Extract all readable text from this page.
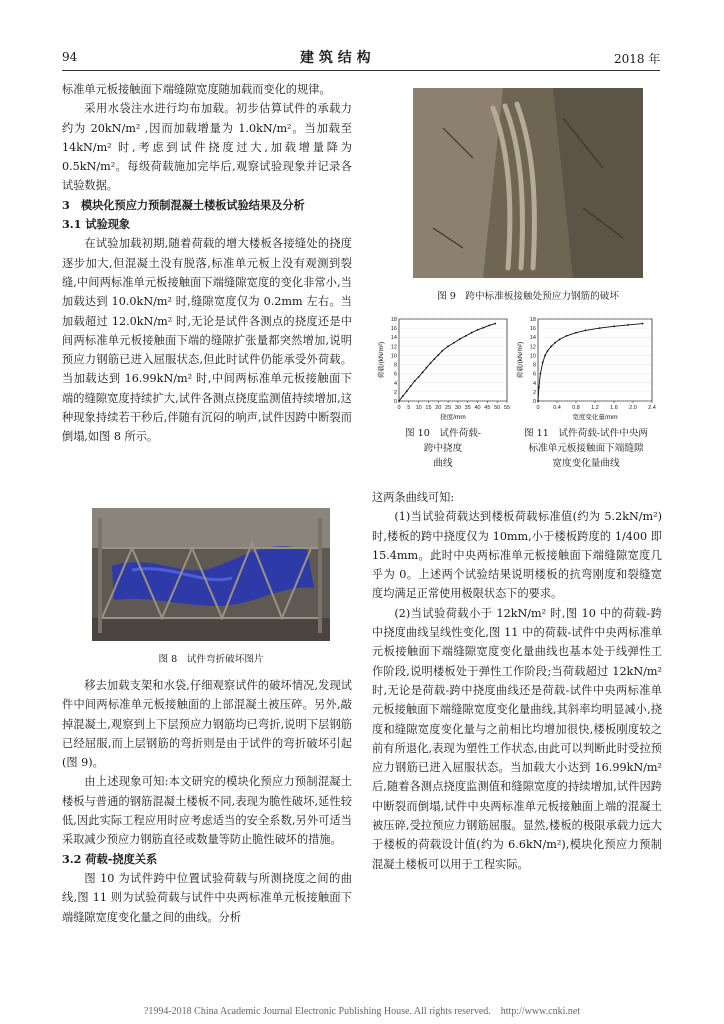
94	建 筑 结 构	2018 年

标准单元板接触面下端缝隙宽度随加载而变化的规律。

采用水袋注水进行均布加载。初步估算试件的承载力约为 20kN/m² ,因而加载增量为 1.0kN/m²。当加载至 14kN/m² 时,考虑到试件挠度过大,加载增量降为 0.5kN/m²。每级荷载施加完毕后,观察试验现象并记录各试验数据。

3　模块化预应力预制混凝土楼板试验结果及分析

3.1 试验现象

在试验加载初期,随着荷载的增大楼板各接缝处的挠度逐步加大,但混凝土没有脱落,标准单元板上没有观测到裂缝,中间两标准单元板接触面下端缝隙宽度的变化非常小,当加载达到 10.0kN/m² 时,缝隙宽度仅为 0.2mm 左右。当加载超过 12.0kN/m² 时,无论是试件各测点的挠度还是中间两标准单元板接触面下端的缝隙扩张量都突然增加,说明预应力钢筋已进入屈服状态,但此时试件仍能承受外荷载。当加载达到 16.99kN/m² 时,中间两标准单元板接触面下端的缝隙宽度持续扩大,试件各测点挠度监测值持续增加,这种现象持续若干秒后,伴随有沉闷的响声,试件因跨中断裂而倒塌,如图 8 所示。

图 8　试件弯折破坏图片

移去加载支架和水袋,仔细观察试件的破坏情况,发现试件中间两标准单元板接触面的上部混凝土被压碎。另外,敲掉混凝土,观察到上下层预应力钢筋均已弯折,说明下层钢筋已经屈服,而上层钢筋的弯折则是由于试件的弯折破坏引起(图 9)。

由上述现象可知:本文研究的模块化预应力预制混凝土楼板与普通的钢筋混凝土楼板不同,表现为脆性破坏,延性较低,因此实际工程应用时应考虑适当的安全系数,另外可适当采取减少预应力钢筋直径或数量等防止脆性破坏的措施。

3.2 荷载-挠度关系

图 10 为试件跨中位置试验荷载与所测挠度之间的曲线,图 11 则为试验荷载与试件中央两标准单元板接触面下端缝隙宽度变化量之间的曲线。分析

图 9　跨中标准板接触处预应力钢筋的破坏
0
2
4
6
8
10
12
14
16
18
0 5 10 15 20 25 30 35 40 45 50 55
挠度/mm
荷载/(kN/m²)
图 10　试件荷载-
跨中挠度
曲线
0
2
4
6
8
10
12
14
16
18
0 0.4 0.8 1.2 1.6 2.0 2.4
宽度变化量/mm
荷载/(kN/m²)
图 11　试件荷载-试件中央两
标准单元板接触面下端缝隙
宽度变化量曲线

这两条曲线可知:

(1)当试验荷载达到楼板荷载标准值(约为 5.2kN/m²)时,楼板的跨中挠度仅为 10mm,小于楼板跨度的 1/400 即 15.4mm。此时中央两标准单元板接触面下端缝隙宽度几乎为 0。上述两个试验结果说明楼板的抗弯刚度和裂缝宽度均满足正常使用极限状态下的要求。

(2)当试验荷载小于 12kN/m² 时,图 10 中的荷载-跨中挠度曲线呈线性变化,图 11 中的荷载-试件中央两标准单元板接触面下端缝隙宽度变化量曲线也基本处于线弹性工作阶段,说明楼板处于弹性工作阶段;当荷载超过 12kN/m² 时,无论是荷载-跨中挠度曲线还是荷载-试件中央两标准单元板接触面下端缝隙宽度变化量曲线,其斜率均明显减小,挠度和缝隙宽度变化量与之前相比均增加很快,楼板刚度较之前有所退化,表现为塑性工作状态,由此可以判断此时受拉预应力钢筋已进入屈服状态。当加载大小达到 16.99kN/m² 后,随着各测点挠度监测值和缝隙宽度的持续增加,试件因跨中断裂而倒塌,试件中央两标准单元板接触面上端的混凝土被压碎,受拉预应力钢筋屈服。显然,楼板的极限承载力远大于楼板的荷载设计值(约为 6.6kN/m²),模块化预应力预制混凝土楼板可以用于工程实际。

?1994-2018 China Academic Journal Electronic Publishing House. All rights reserved.　http://www.cnki.net
